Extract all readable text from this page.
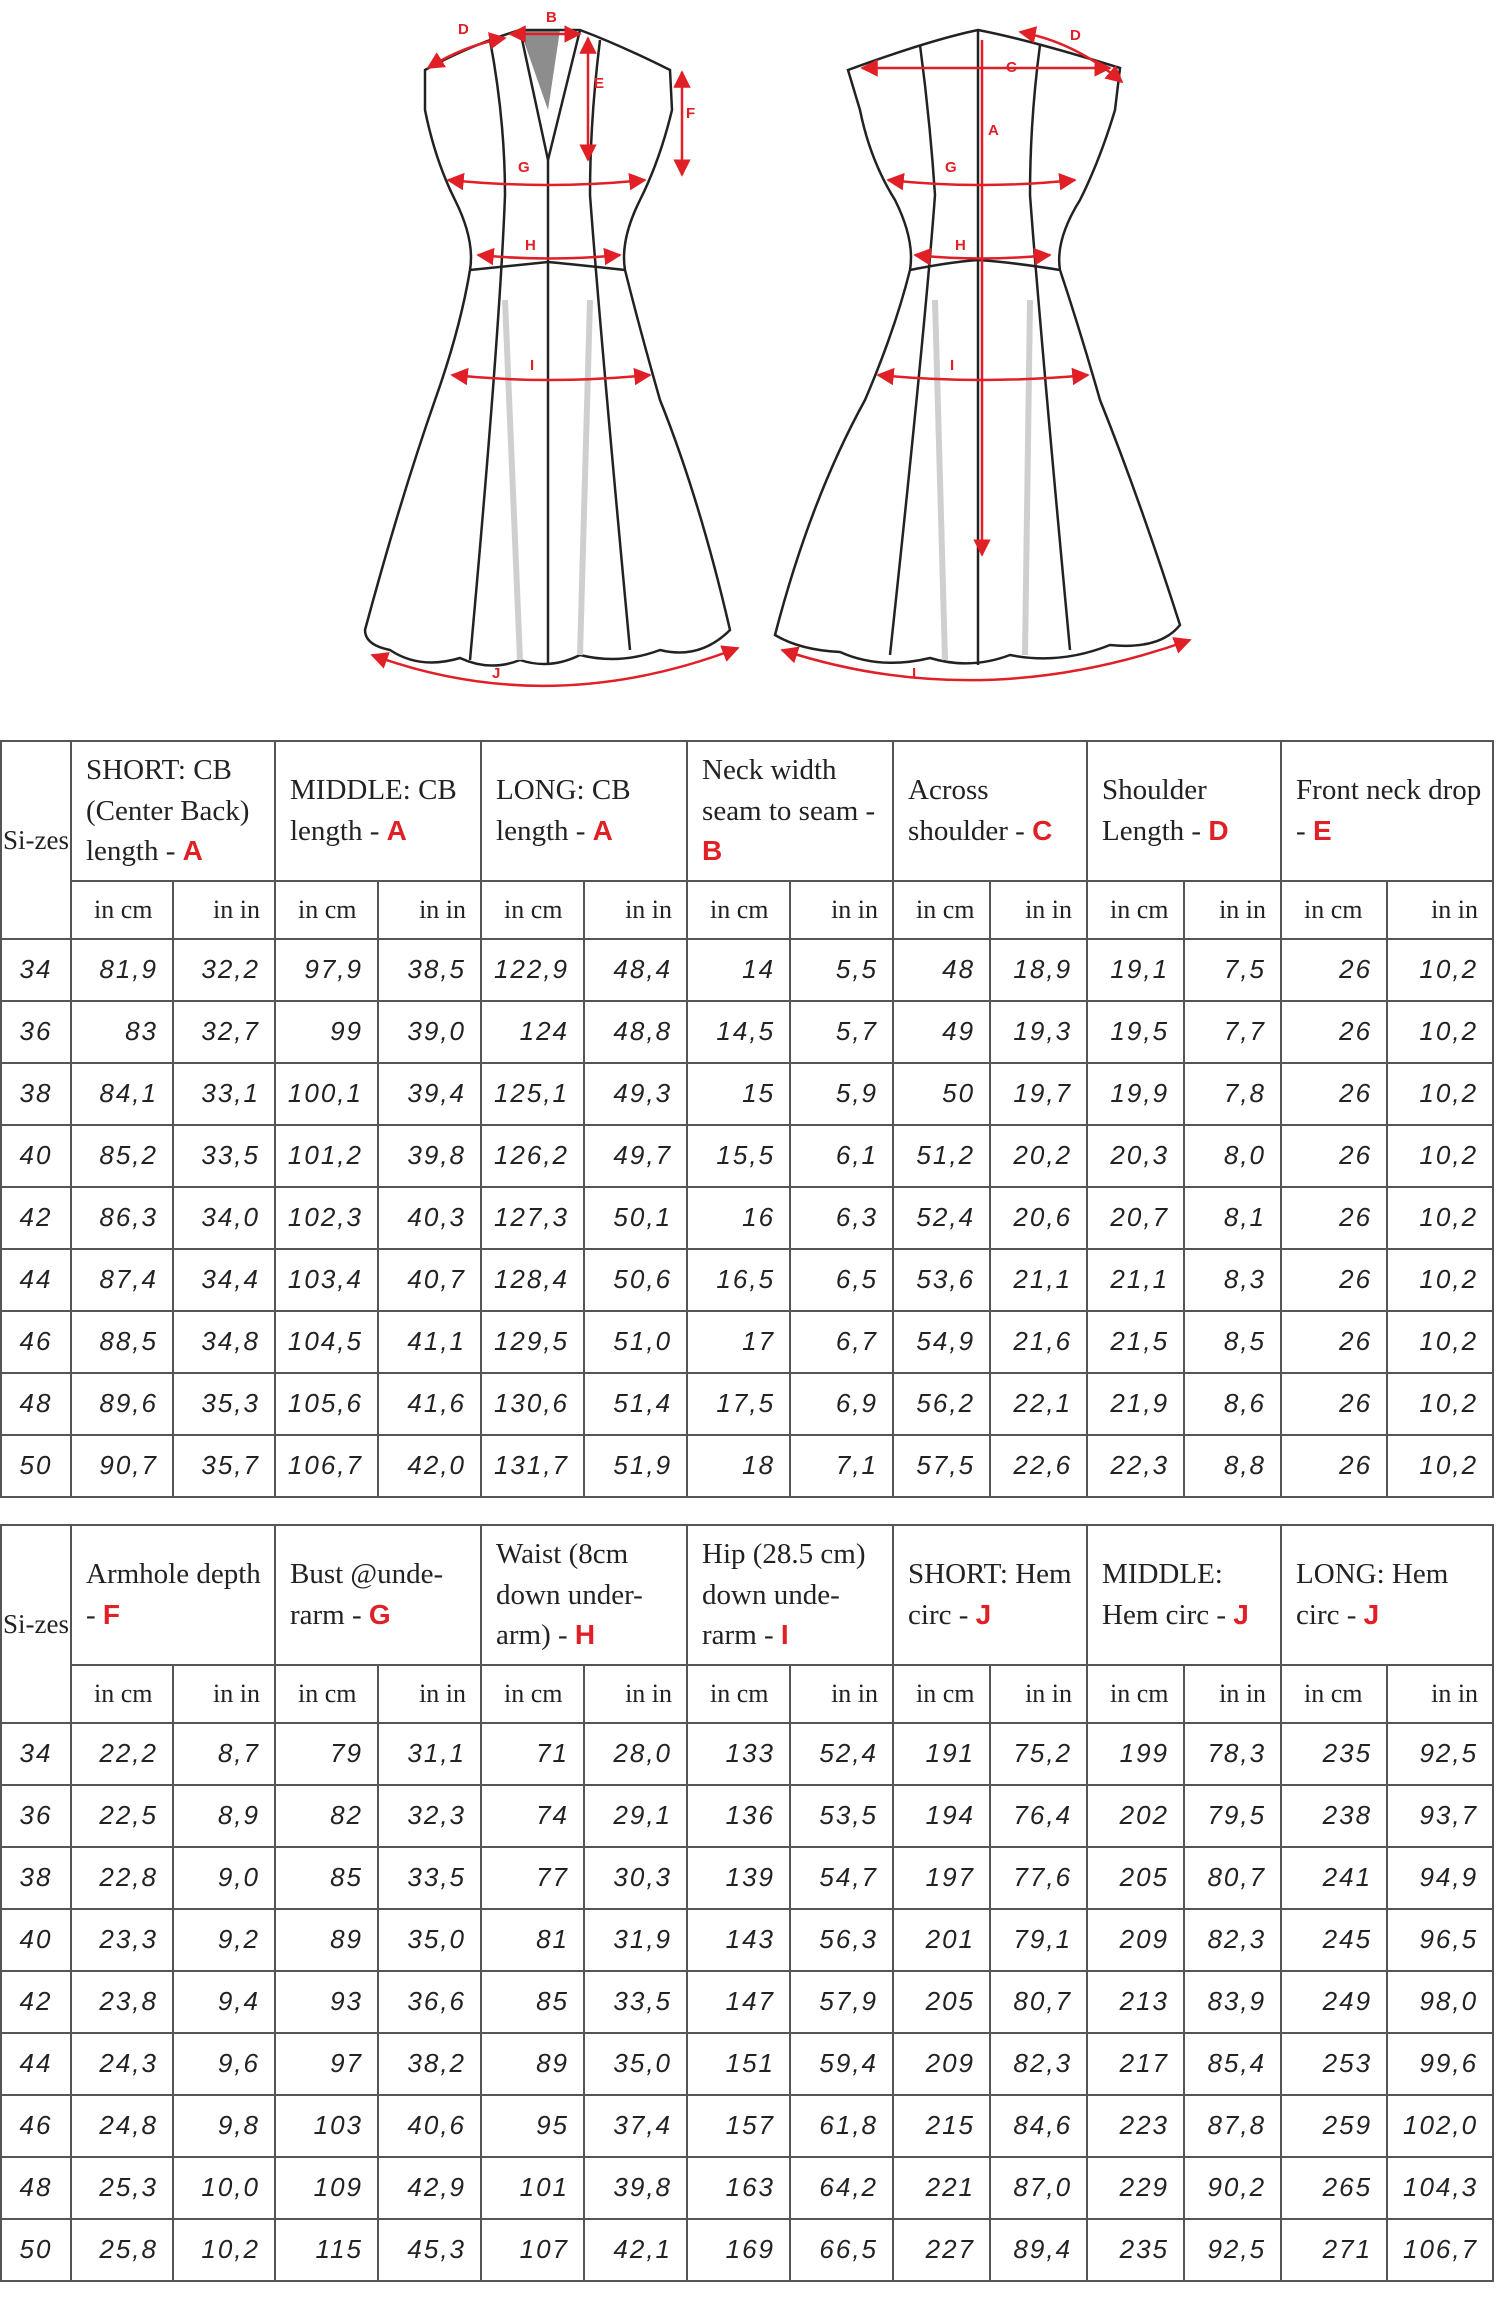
D
B
E
F
G
H
I
J
D
C
A
G
H
I
I
Si-zes	SHORT: CB (Center Back) length - A		MIDDLE: CB length - A		LONG: CB length - A		Neck width seam to seam - B		Across shoulder - C		Shoulder Length - D		Front neck drop - E	
	in cm	in in	in cm	in in	in cm	in in	in cm	in in	in cm	in in	in cm	in in	in cm	in in
34	81,9	32,2	97,9	38,5	122,9	48,4	14	5,5	48	18,9	19,1	7,5	26	10,2
36	83	32,7	99	39,0	124	48,8	14,5	5,7	49	19,3	19,5	7,7	26	10,2
38	84,1	33,1	100,1	39,4	125,1	49,3	15	5,9	50	19,7	19,9	7,8	26	10,2
40	85,2	33,5	101,2	39,8	126,2	49,7	15,5	6,1	51,2	20,2	20,3	8,0	26	10,2
42	86,3	34,0	102,3	40,3	127,3	50,1	16	6,3	52,4	20,6	20,7	8,1	26	10,2
44	87,4	34,4	103,4	40,7	128,4	50,6	16,5	6,5	53,6	21,1	21,1	8,3	26	10,2
46	88,5	34,8	104,5	41,1	129,5	51,0	17	6,7	54,9	21,6	21,5	8,5	26	10,2
48	89,6	35,3	105,6	41,6	130,6	51,4	17,5	6,9	56,2	22,1	21,9	8,6	26	10,2
50	90,7	35,7	106,7	42,0	131,7	51,9	18	7,1	57,5	22,6	22,3	8,8	26	10,2
Si-zes	Armhole depth - F		Bust @unde-rarm - G		Waist (8cm down under-arm) - H		Hip (28.5 cm) down unde-rarm - I		SHORT: Hem circ - J		MIDDLE: Hem circ - J		LONG: Hem circ - J	
	in cm	in in	in cm	in in	in cm	in in	in cm	in in	in cm	in in	in cm	in in	in cm	in in
34	22,2	8,7	79	31,1	71	28,0	133	52,4	191	75,2	199	78,3	235	92,5
36	22,5	8,9	82	32,3	74	29,1	136	53,5	194	76,4	202	79,5	238	93,7
38	22,8	9,0	85	33,5	77	30,3	139	54,7	197	77,6	205	80,7	241	94,9
40	23,3	9,2	89	35,0	81	31,9	143	56,3	201	79,1	209	82,3	245	96,5
42	23,8	9,4	93	36,6	85	33,5	147	57,9	205	80,7	213	83,9	249	98,0
44	24,3	9,6	97	38,2	89	35,0	151	59,4	209	82,3	217	85,4	253	99,6
46	24,8	9,8	103	40,6	95	37,4	157	61,8	215	84,6	223	87,8	259	102,0
48	25,3	10,0	109	42,9	101	39,8	163	64,2	221	87,0	229	90,2	265	104,3
50	25,8	10,2	115	45,3	107	42,1	169	66,5	227	89,4	235	92,5	271	106,7
